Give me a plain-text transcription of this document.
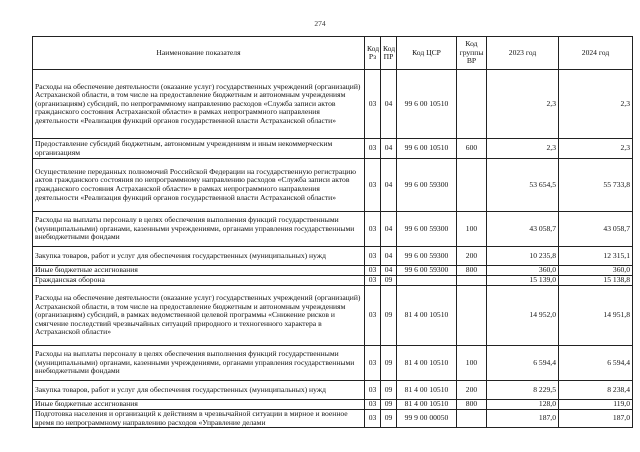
274
Наименование показателя	Код Рз	Код ПР	Код ЦСР	Код группы ВР	2023 год	2024 год
Расходы на обеспечение деятельности (оказание услуг) государственных учреждений (организаций) Астраханской области, в том числе на предоставление бюджетным и автономным учреждениям (организациям) субсидий, по непрограммному направлению расходов «Служба записи актов гражданского состояния Астраханской области» в рамках непрограммного направления деятельности «Реализация функций органов государственной власти Астраханской области»	03	04	99 6 00 10510		2,3	2,3
Предоставление субсидий бюджетным, автономным учреждениям и иным некоммерческим организациям	03	04	99 6 00 10510	600	2,3	2,3
Осуществление переданных полномочий Российской Федерации на государственную регистрацию актов гражданского состояния по непрограммному направлению расходов «Служба записи актов гражданского состояния Астраханской области» в рамках непрограммного направления деятельности «Реализация функций органов государственной власти Астраханской области»	03	04	99 6 00 59300		53 654,5	55 733,8
Расходы на выплаты персоналу в целях обеспечения выполнения функций государственными (муниципальными) органами, казенными учреждениями, органами управления государственными внебюджетными фондами	03	04	99 6 00 59300	100	43 058,7	43 058,7
Закупка товаров, работ и услуг для обеспечения государственных (муниципальных) нужд	03	04	99 6 00 59300	200	10 235,8	12 315,1
Иные бюджетные ассигнования	03	04	99 6 00 59300	800	360,0	360,0
Гражданская оборона	03	09			15 139,0	15 138,8
Расходы на обеспечение деятельности (оказание услуг) государственных учреждений (организаций) Астраханской области, в том числе на предоставление бюджетным и автономным учреждениям (организациям) субсидий, в рамках ведомственной целевой программы «Снижение рисков и смягчение последствий чрезвычайных ситуаций природного и техногенного характера в Астраханской области»	03	09	81 4 00 10510		14 952,0	14 951,8
Расходы на выплаты персоналу в целях обеспечения выполнения функций государственными (муниципальными) органами, казенными учреждениями, органами управления государственными внебюджетными фондами	03	09	81 4 00 10510	100	6 594,4	6 594,4
Закупка товаров, работ и услуг для обеспечения государственных (муниципальных) нужд	03	09	81 4 00 10510	200	8 229,5	8 238,4
Иные бюджетные ассигнования	03	09	81 4 00 10510	800	128,0	119,0
Подготовка населения и организаций к действиям в чрезвычайной ситуации в мирное и военное время по непрограммному направлению расходов «Управление делами	03	09	99 9 00 00050		187,0	187,0
